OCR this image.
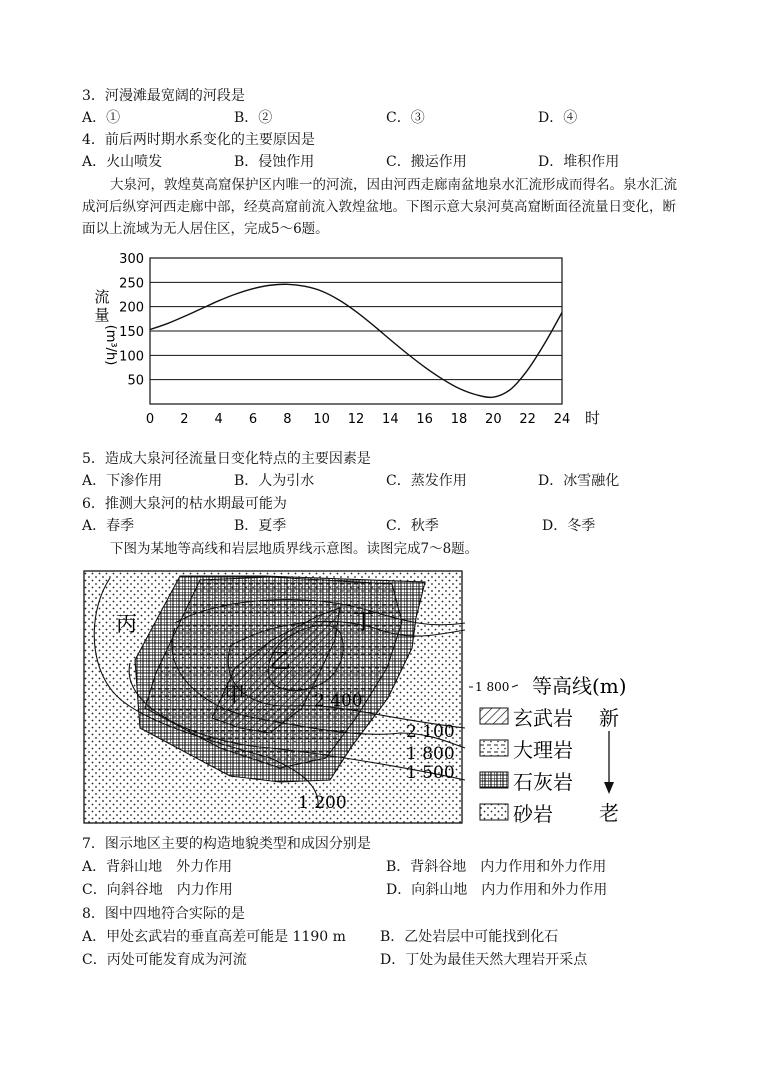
3．河漫滩最宽阔的河段是
A．①	B．②	C．③	D．④
4．前后两时期水系变化的主要原因是
A．火山喷发	B．侵蚀作用	C．搬运作用	D．堆积作用
大泉河，敦煌莫高窟保护区内唯一的河流，因由河西走廊南盆地泉水汇流形成而得名。泉水汇流成河后纵穿河西走廊中部，经莫高窟前流入敦煌盆地。下图示意大泉河莫高窟断面径流量日变化，断面以上流域为无人居住区，完成5～6题。
0 2 4 6 8 10 12 14 16 18 20 22 24
50
100
150
200
250
300
流
量
(m³/h)
时
5．造成大泉河径流量日变化特点的主要因素是
A．下渗作用	B．人为引水	C．蒸发作用	D．冰雪融化
6．推测大泉河的枯水期最可能为
A．春季	B．夏季	C．秋季	D．冬季
下图为某地等高线和岩层地质界线示意图。读图完成7～8题。
丙	丁
乙
甲	2 400
2 100
1 800
1 500
1 200
1 800 等高线(m)
玄武岩
大理岩
石灰岩
砂岩
新
老
7．图示地区主要的构造地貌类型和成因分别是
A．背斜山地　外力作用	B．背斜谷地　内力作用和外力作用
C．向斜谷地　内力作用	D．向斜山地　内力作用和外力作用
8．图中四地符合实际的是
A．甲处玄武岩的垂直高差可能是 1190 m B．乙处岩层中可能找到化石
C．丙处可能发育成为河流	D．丁处为最佳天然大理岩开采点
